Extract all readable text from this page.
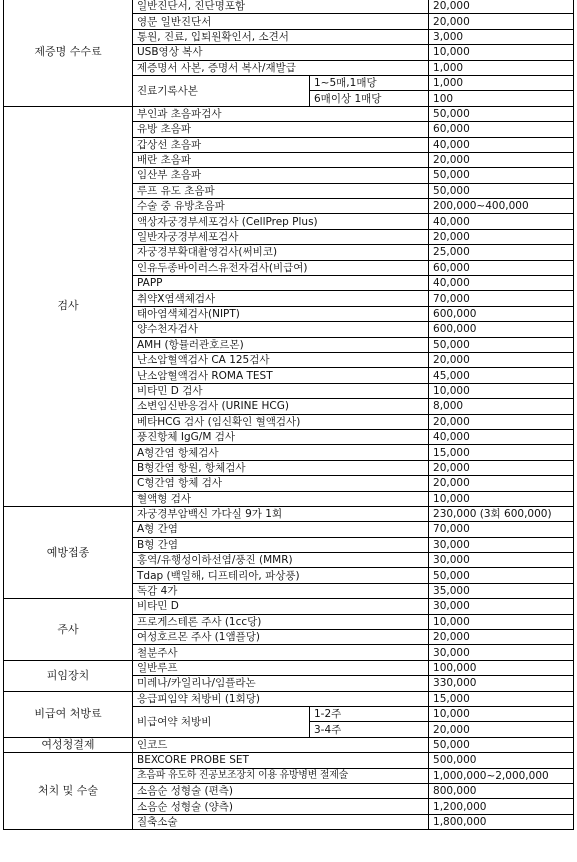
제증명 수수료	일반진단서, 진단명포함		20,000
	영문 일반진단서		20,000
	통원, 진료, 입퇴원확인서, 소견서		3,000
	USB영상 복사		10,000
	제증명서 사본, 증명서 복사/재발급		1,000
	진료기록사본	1~5매,1매당	1,000
		6매이상 1매당	100
검사	부인과 초음파검사		50,000
	유방 초음파		60,000
	갑상선 초음파		40,000
	배란 초음파		20,000
	임산부 초음파		50,000
	루프 유도 초음파		50,000
	수술 중 유방초음파		200,000~400,000
	액상자궁경부세포검사 (CellPrep Plus)		40,000
	일반자궁경부세포검사		20,000
	자궁경부확대촬영검사(써비코)		25,000
	인유두종바이러스유전자검사(비급여)		60,000
	PAPP		40,000
	취약X염색체검사		70,000
	태아염색체검사(NIPT)		600,000
	양수천자검사		600,000
	AMH (항뮬러관호르몬)		50,000
	난소암혈액검사 CA 125검사		20,000
	난소암혈액검사 ROMA TEST		45,000
	비타민 D 검사		10,000
	소변임신반응검사 (URINE HCG)		8,000
	베타HCG 검사 (임신확인 혈액검사)		20,000
	풍진항체 IgG/M 검사		40,000
	A형간염 항체검사		15,000
	B형간염 항원, 항체검사		20,000
	C형간염 항체 검사		20,000
	혈액형 검사		10,000
예방접종	자궁경부암백신 가다실 9가 1회		230,000 (3회 600,000)
	A형 간염		70,000
	B형 간염		30,000
	홍역/유행성이하선염/풍진 (MMR)		30,000
	Tdap (백일해, 디프테리아, 파상풍)		50,000
	독감 4가		35,000
주사	비타민 D		30,000
	프로게스테론 주사 (1cc당)		10,000
	여성호르몬 주사 (1앰플당)		20,000
	철분주사		30,000
피임장치	일반루프		100,000
	미레나/카일리나/임플라논		330,000
비급여 처방료	응급피임약 처방비 (1회당)		15,000
	비급여약 처방비	1-2주	10,000
		3-4주	20,000
여성청결제	인코드		50,000
처치 및 수술	BEXCORE PROBE SET		500,000
	초음파 유도하 진공보조장치 이용 유방병변 절제술		1,000,000~2,000,000
	소음순 성형술 (편측)		800,000
	소음순 성형술 (양측)		1,200,000
	질축소술		1,800,000
